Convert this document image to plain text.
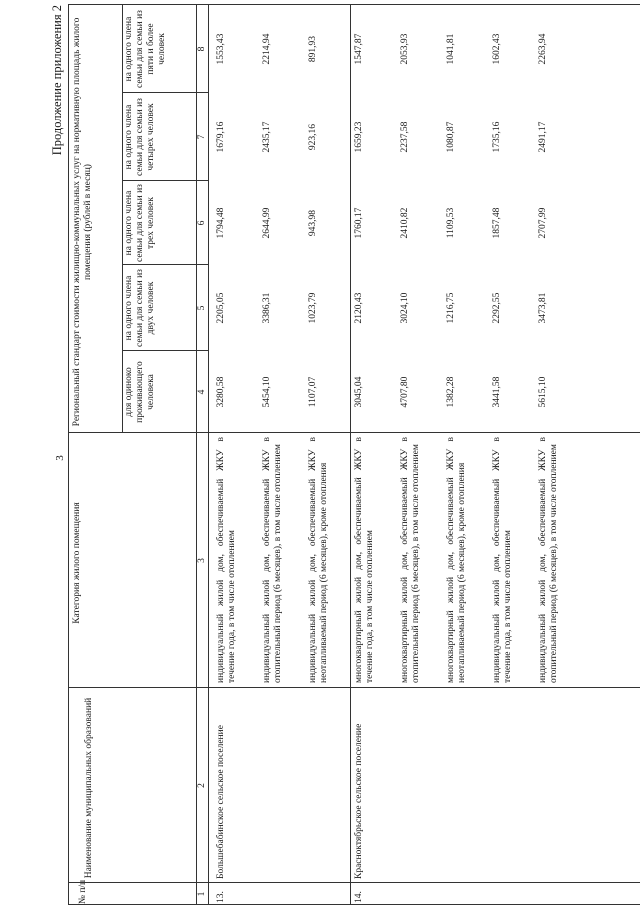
3
Продолжение приложения 2
№ п/п
Наименование муниципальных образований
Категория жилого помещения
Региональный стандарт стоимости жилищно-коммунальных услуг на нормативную площадь жилого помещения (рублей в месяц)
для одиноко проживающего человека
на одного члена семьи для семьи из двух человек
на одного члена семьи для семьи из трех человек
на одного члена семьи для семьи из четырех человек
на одного члена семьи для семьи из пяти и более человек
1
2
3
4
5
6
7
8
13.
Большебабинское сельское поселение
индивидуальный жилой дом, обеспечиваемый ЖКУ в течение года, в том числе отоплением
3280,58
2205,05
1794,48
1679,16
1553,43
индивидуальный жилой дом, обеспечиваемый ЖКУ в отопительный период (6 месяцев), в том числе отоплением
5454,10
3386,31
2644,99
2435,17
2214,94
индивидуальный жилой дом, обеспечиваемый ЖКУ в неотапливаемый период (6 месяцев), кроме отопления
1107,07
1023,79
943,98
923,16
891,93
14.
Красноктябрьское сельское поселение
многоквартирный жилой дом, обеспечиваемый ЖКУ в течение года, в том числе отоплением
3045,04
2120,43
1760,17
1659,23
1547,87
многоквартирный жилой дом, обеспечиваемый ЖКУ в отопительный период (6 месяцев), в том числе отоплением
4707,80
3024,10
2410,82
2237,58
2053,93
многоквартирный жилой дом, обеспечиваемый ЖКУ в неотапливаемый период (6 месяцев), кроме отопления
1382,28
1216,75
1109,53
1080,87
1041,81
индивидуальный жилой дом, обеспечиваемый ЖКУ в течение года, в том числе отоплением
3441,58
2292,55
1857,48
1735,16
1602,43
индивидуальный жилой дом, обеспечиваемый ЖКУ в отопительный период (6 месяцев), в том числе отоплением
5615,10
3473,81
2707,99
2491,17
2263,94
